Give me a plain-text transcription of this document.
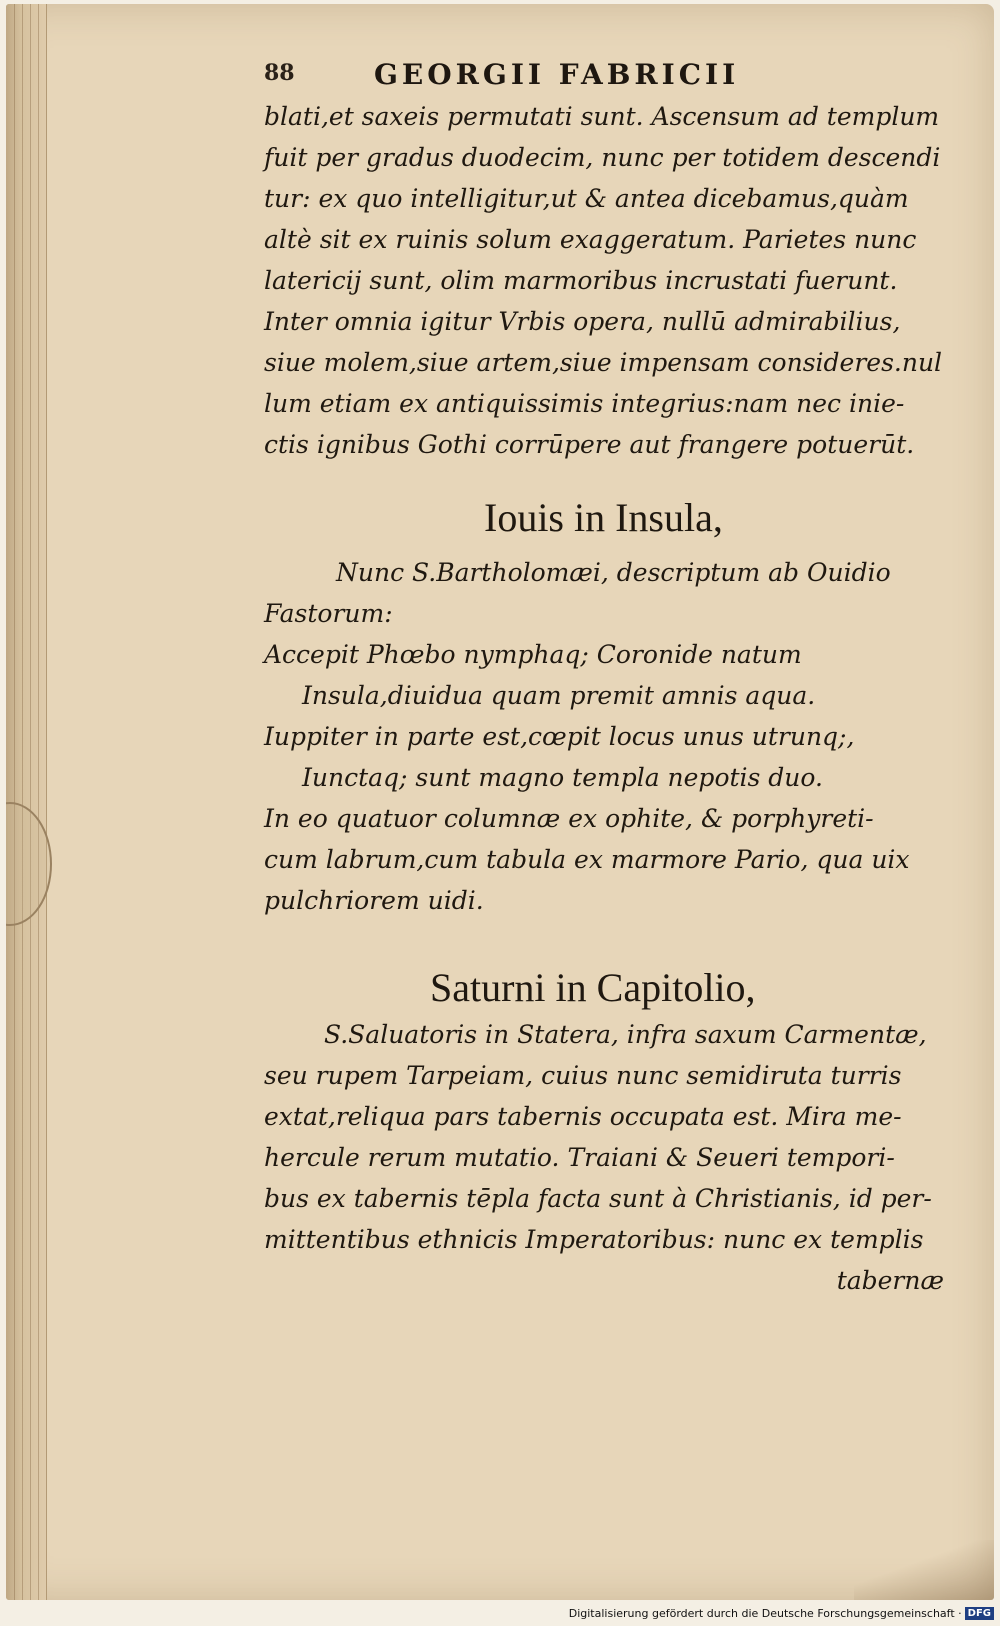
88	GEORGII FABRICII
blati,et saxeis permutati sunt. Ascensum ad templum
fuit per gradus duodecim, nunc per totidem descendi
tur: ex quo intelligitur,ut & antea dicebamus,quàm
altè sit ex ruinis solum exaggeratum. Parietes nunc
latericij sunt, olim marmoribus incrustati fuerunt.
Inter omnia igitur Vrbis opera, nullū admirabilius,
siue molem,siue artem,siue impensam consideres.nul
lum etiam ex antiquissimis integrius:nam nec inie-
ctis ignibus Gothi corrūpere aut frangere potuerūt.
Iouis in Insula,
Nunc S.Bartholomæi, descriptum ab Ouidio
Fastorum:
Accepit Phœbo nymphaq; Coronide natum
Insula,diuidua quam premit amnis aqua.
Iuppiter in parte est,cœpit locus unus utrunq;,
Iunctaq; sunt magno templa nepotis duo.
In eo quatuor columnæ ex ophite, & porphyreti-
cum labrum,cum tabula ex marmore Pario, qua uix
pulchriorem uidi.
Saturni in Capitolio,
S.Saluatoris in Statera, infra saxum Carmentæ,
seu rupem Tarpeiam, cuius nunc semidiruta turris
extat,reliqua pars tabernis occupata est. Mira me-
hercule rerum mutatio. Traiani & Seueri tempori-
bus ex tabernis tēpla facta sunt à Christianis, id per-
mittentibus ethnicis Imperatoribus: nunc ex templis
tabernæ
Digitalisierung gefördert durch die Deutsche Forschungsgemeinschaft · DFG
